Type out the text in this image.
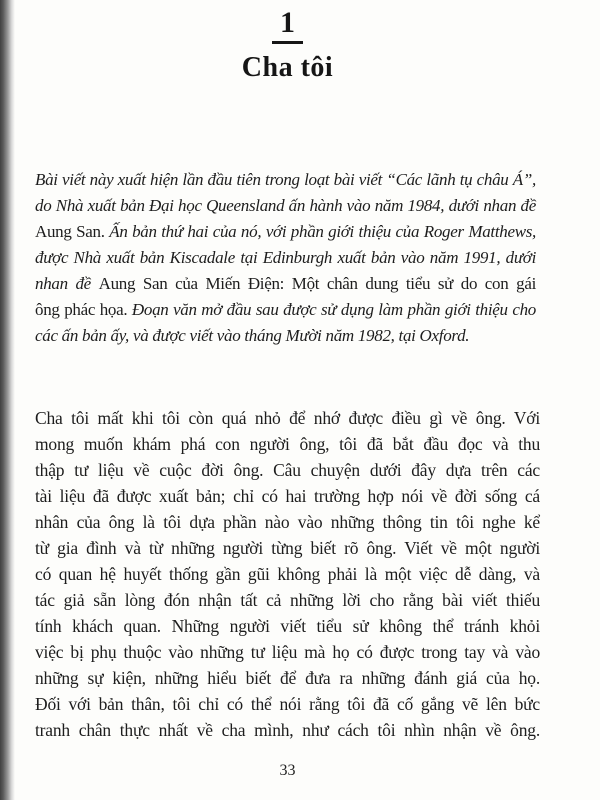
1
Cha tôi
Bài viết này xuất hiện lần đầu tiên trong loạt bài viết “Các lãnh tụ châu Á”,
do Nhà xuất bản Đại học Queensland ấn hành vào năm 1984, dưới nhan đề
Aung San. Ấn bản thứ hai của nó, với phần giới thiệu của Roger Matthews,
được Nhà xuất bản Kiscadale tại Edinburgh xuất bản vào năm 1991, dưới
nhan đề Aung San của Miến Điện: Một chân dung tiểu sử do con gái
ông phác họa. Đoạn văn mở đầu sau được sử dụng làm phần giới thiệu cho
các ấn bản ấy, và được viết vào tháng Mười năm 1982, tại Oxford.
Cha tôi mất khi tôi còn quá nhỏ để nhớ được điều gì về ông. Với
mong muốn khám phá con người ông, tôi đã bắt đầu đọc và thu
thập tư liệu về cuộc đời ông. Câu chuyện dưới đây dựa trên các
tài liệu đã được xuất bản; chỉ có hai trường hợp nói về đời sống cá
nhân của ông là tôi dựa phần nào vào những thông tin tôi nghe kể
từ gia đình và từ những người từng biết rõ ông. Viết về một người
có quan hệ huyết thống gần gũi không phải là một việc dễ dàng, và
tác giả sẵn lòng đón nhận tất cả những lời cho rằng bài viết thiếu
tính khách quan. Những người viết tiểu sử không thể tránh khỏi
việc bị phụ thuộc vào những tư liệu mà họ có được trong tay và vào
những sự kiện, những hiểu biết để đưa ra những đánh giá của họ.
Đối với bản thân, tôi chỉ có thể nói rằng tôi đã cố gắng vẽ lên bức
tranh chân thực nhất về cha mình, như cách tôi nhìn nhận về ông.
33
